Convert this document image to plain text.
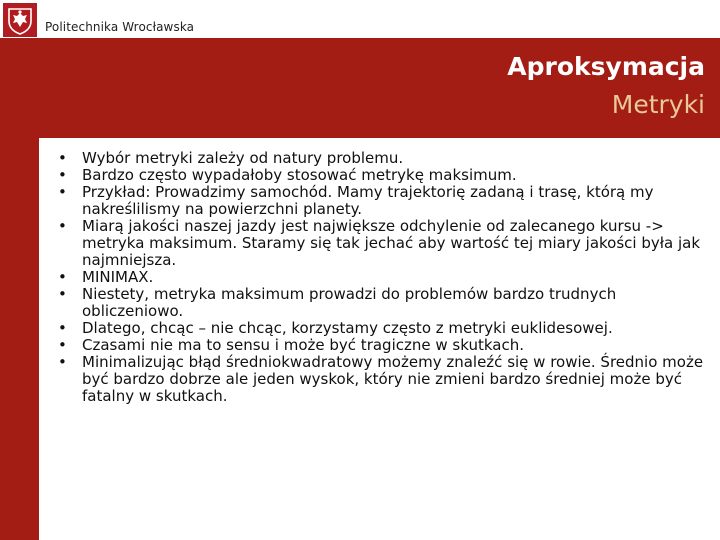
Politechnika Wrocławska
Aproksymacja
Metryki
• Wybór metryki zależy od natury problemu.
• Bardzo często wypadałoby stosować metrykę maksimum.
• Przykład: Prowadzimy samochód. Mamy trajektorię zadaną i trasę, którą my nakreślilismy na powierzchni planety.
• Miarą jakości naszej jazdy jest największe odchylenie od zalecanego kursu -> metryka maksimum. Staramy się tak jechać aby wartość tej miary jakości była jak najmniejsza.
• MINIMAX.
• Niestety, metryka maksimum prowadzi do problemów bardzo trudnych obliczeniowo.
• Dlatego, chcąc – nie chcąc, korzystamy często z metryki euklidesowej.
• Czasami nie ma to sensu i może być tragiczne w skutkach.
• Minimalizując błąd średniokwadratowy możemy znaleźć się w rowie. Średnio może być bardzo dobrze ale jeden wyskok, który nie zmieni bardzo średniej może być fatalny w skutkach.
